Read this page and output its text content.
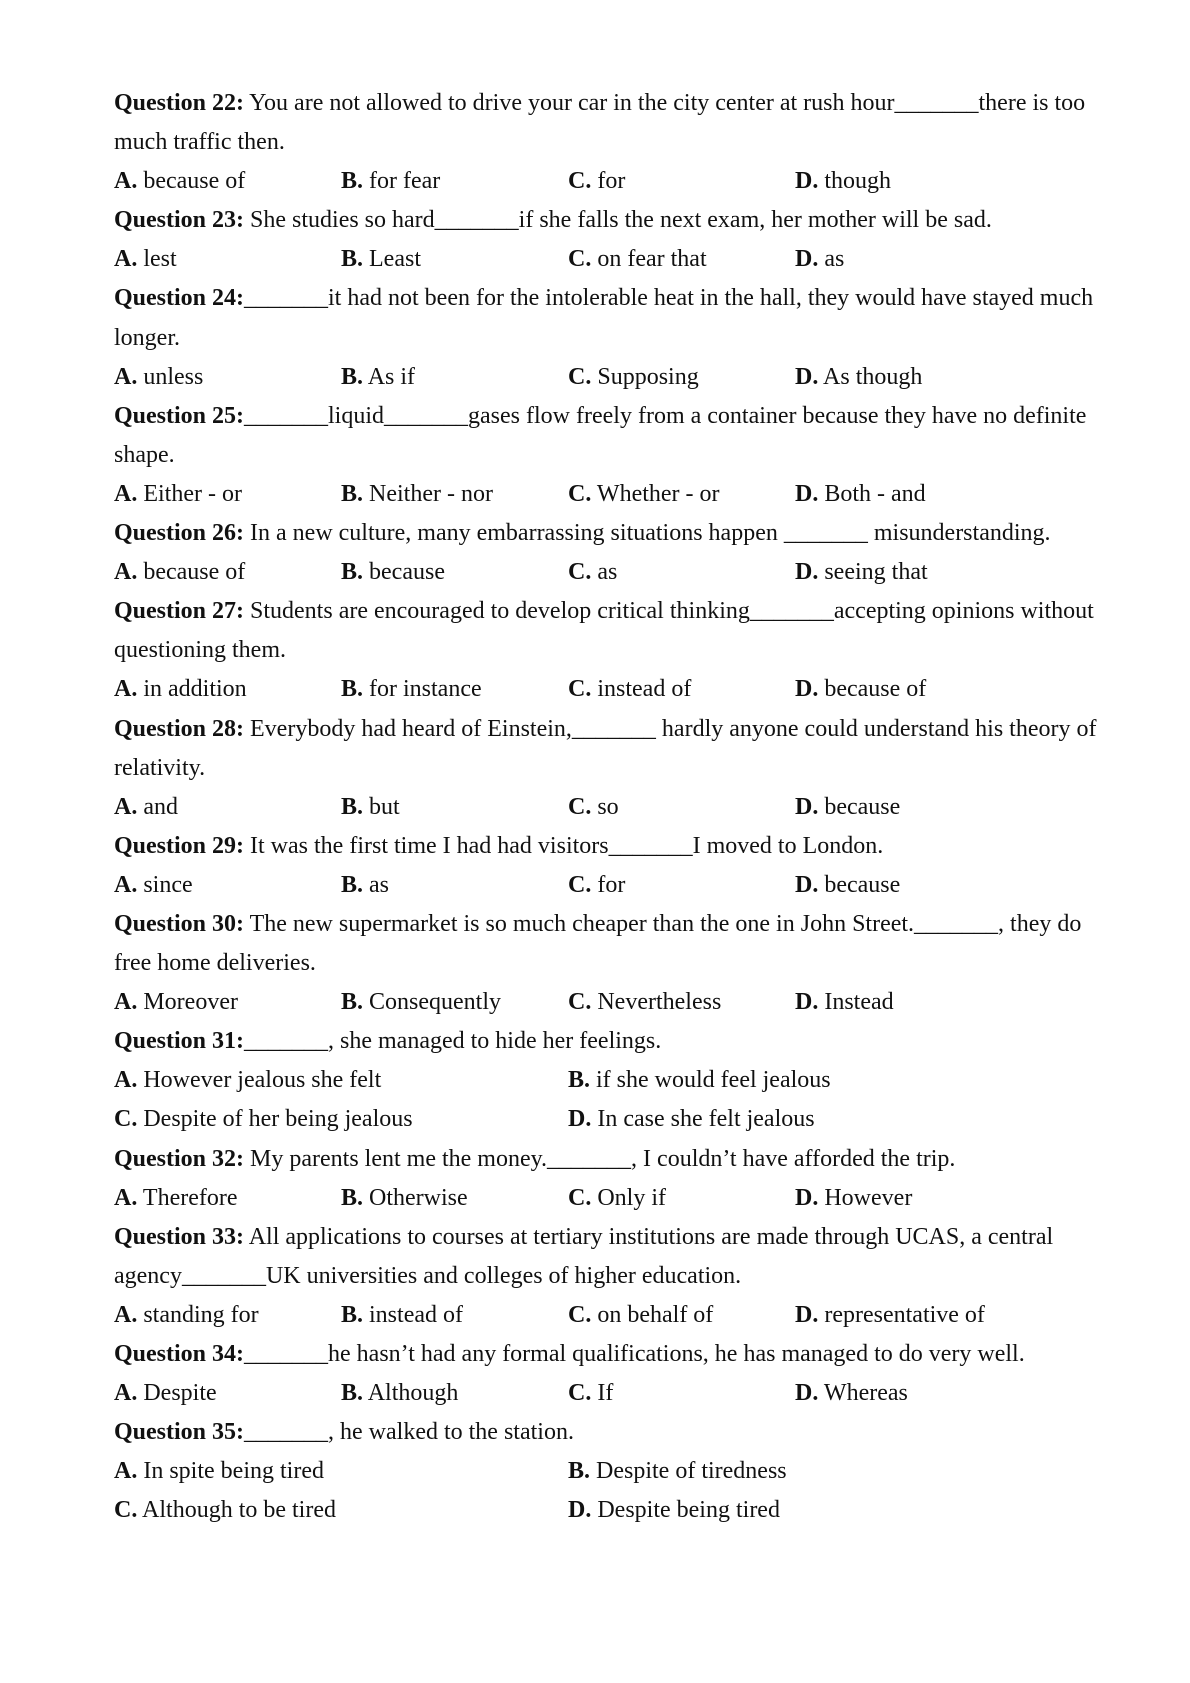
Question 22: You are not allowed to drive your car in the city center at rush hour_______there is too much traffic then.

A. because of	B. for fear	C. for	D. though

Question 23: She studies so hard_______if she falls the next exam, her mother will be sad.

A. lest	B. Least	C. on fear that	D. as

Question 24:_______it had not been for the intolerable heat in the hall, they would have stayed much longer.

A. unless	B. As if	C. Supposing	D. As though

Question 25:_______liquid_______gases flow freely from a container because they have no definite shape.

A. Either - or	B. Neither - nor	C. Whether - or	D. Both - and

Question 26: In a new culture, many embarrassing situations happen _______ misunderstanding.

A. because of	B. because	C. as	D. seeing that

Question 27: Students are encouraged to develop critical thinking_______accepting opinions without questioning them.

A. in addition	B. for instance	C. instead of	D. because of

Question 28: Everybody had heard of Einstein,_______ hardly anyone could understand his theory of relativity.

A. and	B. but	C. so	D. because

Question 29: It was the first time I had had visitors_______I moved to London.

A. since	B. as	C. for	D. because

Question 30: The new supermarket is so much cheaper than the one in John Street._______, they do free home deliveries.

A. Moreover	B. Consequently	C. Nevertheless	D. Instead

Question 31:_______, she managed to hide her feelings.

A. However jealous she felt	B. if she would feel jealous
C. Despite of her being jealous	D. In case she felt jealous

Question 32: My parents lent me the money._______, I couldn’t have afforded the trip.

A. Therefore	B. Otherwise	C. Only if	D. However

Question 33: All applications to courses at tertiary institutions are made through UCAS, a central agency_______UK universities and colleges of higher education.

A. standing for	B. instead of	C. on behalf of	D. representative of

Question 34:_______he hasn’t had any formal qualifications, he has managed to do very well.

A. Despite	B. Although	C. If	D. Whereas

Question 35:_______, he walked to the station.

A. In spite being tired	B. Despite of tiredness
C. Although to be tired	D. Despite being tired
